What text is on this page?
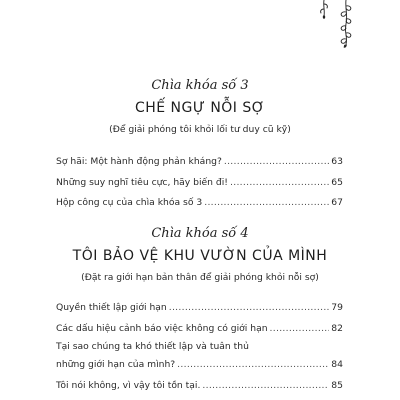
Chìa khóa số 3
CHẾ NGỰ NỖI SỢ
(Để giải phóng tôi khỏi lối tư duy cũ kỹ)
Sợ hãi: Một hành động phản kháng? .....	63
Những suy nghĩ tiêu cực, hãy biến đi! .....	65
Hộp công cụ của chìa khóa số 3 .....	67
Chìa khóa số 4
TÔI BẢO VỆ KHU VƯỜN CỦA MÌNH
(Đặt ra giới hạn bản thân để giải phóng khỏi nỗi sợ)
Quyền thiết lập giới hạn .....	79
Các dấu hiệu cảnh báo việc không có giới hạn .....	82
Tại sao chúng ta khó thiết lập và tuân thủ
những giới hạn của mình? .....	84
Tôi nói không, vì vậy tôi tồn tại. .....	85
